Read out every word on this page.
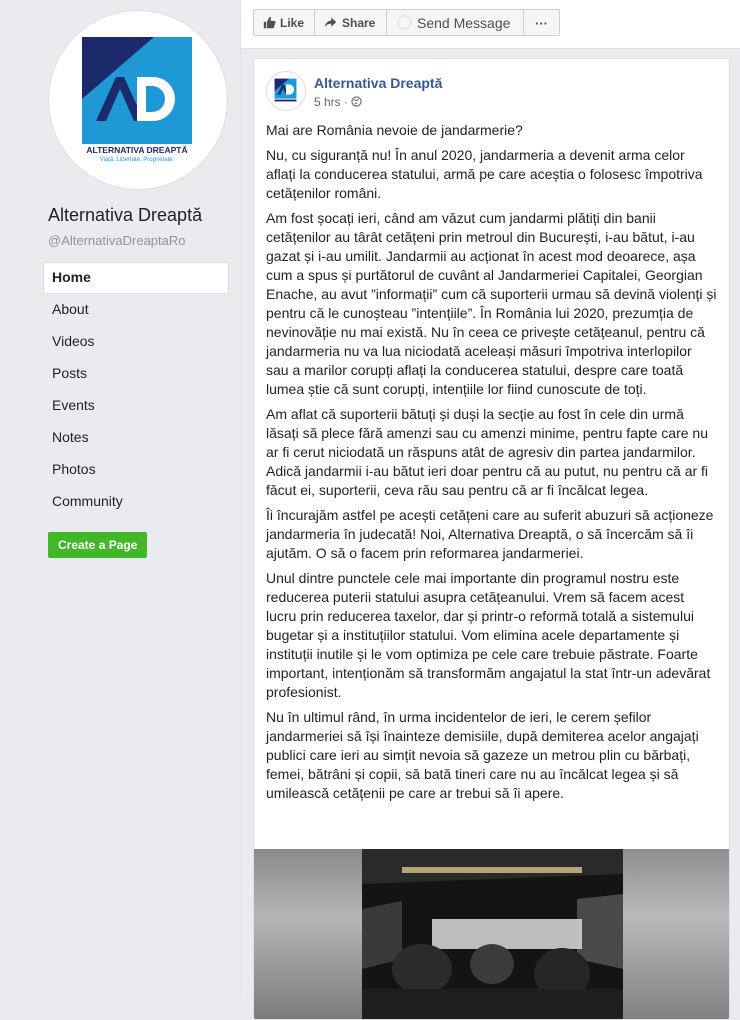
ALTERNATIVA DREAPTĂ
Viață. Libertate. Proprietate.
Alternativa Dreaptă
@AlternativaDreaptaRo
Home
About
Videos
Posts
Events
Notes
Photos
Community
Create a Page
Like	Share	Send Message	···
Alternativa Dreaptă
5 hrs ·

Mai are România nevoie de jandarmerie?

Nu, cu siguranță nu! În anul 2020, jandarmeria a devenit arma celor aflați la conducerea statului, armă pe care aceștia o folosesc împotriva cetățenilor români.

Am fost șocați ieri, când am văzut cum jandarmi plătiți din banii cetățenilor au târât cetățeni prin metroul din București, i-au bătut, i-au gazat și i-au umilit. Jandarmii au acționat în acest mod deoarece, așa cum a spus și purtătorul de cuvânt al Jandarmeriei Capitalei, Georgian Enache, au avut ”informații” cum că suporterii urmau să devină violenți și pentru că le cunoșteau ”intențiile”. În România lui 2020, prezumția de nevinovăție nu mai există. Nu în ceea ce privește cetățeanul, pentru că jandarmeria nu va lua niciodată aceleași măsuri împotriva interlopilor sau a marilor corupți aflați la conducerea statului, despre care toată lumea știe că sunt corupți, intențiile lor fiind cunoscute de toți.

Am aflat că suporterii bătuți și duși la secție au fost în cele din urmă lăsați să plece fără amenzi sau cu amenzi minime, pentru fapte care nu ar fi cerut niciodată un răspuns atât de agresiv din partea jandarmilor. Adică jandarmii i-au bătut ieri doar pentru că au putut, nu pentru că ar fi făcut ei, suporterii, ceva rău sau pentru că ar fi încălcat legea.

Îi încurajăm astfel pe acești cetățeni care au suferit abuzuri să acționeze jandarmeria în judecată! Noi, Alternativa Dreaptă, o să încercăm să îi ajutăm. O să o facem prin reformarea jandarmeriei.

Unul dintre punctele cele mai importante din programul nostru este reducerea puterii statului asupra cetățeanului. Vrem să facem acest lucru prin reducerea taxelor, dar și printr-o reformă totală a sistemului bugetar și a instituțiilor statului. Vom elimina acele departamente și instituții inutile și le vom optimiza pe cele care trebuie păstrate. Foarte important, intenționăm să transformăm angajatul la stat într-un adevărat profesionist.

Nu în ultimul rând, în urma incidentelor de ieri, le cerem șefilor jandarmeriei să își înainteze demisiile, după demiterea acelor angajați publici care ieri au simțit nevoia să gazeze un metrou plin cu bărbați, femei, bătrâni și copii, să bată tineri care nu au încălcat legea și să umilească cetățenii pe care ar trebui să îi apere.
